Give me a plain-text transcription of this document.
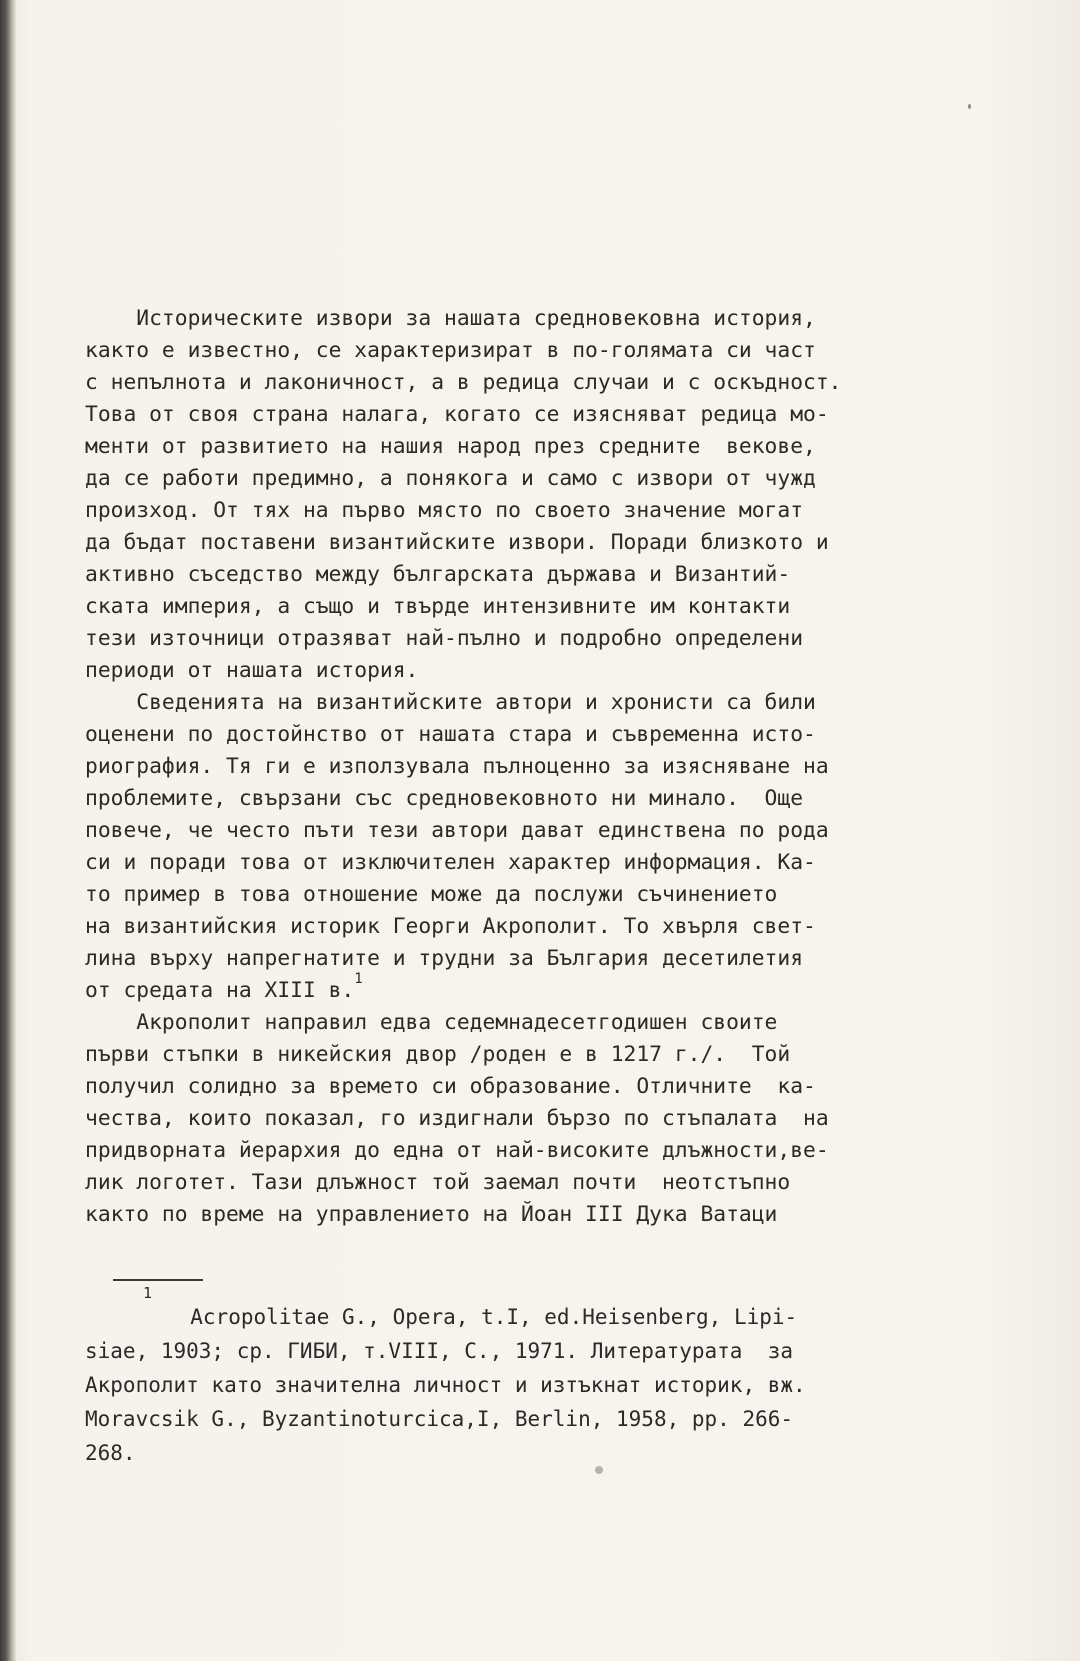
Историческите извори за нашата средновековна история,
както е известно, се характеризират в по-голямата си част
с непълнота и лаконичност, а в редица случаи и с оскъдност.
Това от своя страна налага, когато се изясняват редица мо-
менти от развитието на нашия народ през средните  векове,
да се работи предимно, а понякога и само с извори от чужд
произход. От тях на първо място по своето значение могат
да бъдат поставени византийските извори. Поради близкото и
активно съседство между българската държава и Византий-
ската империя, а също и твърде интензивните им контакти
тези източници отразяват най-пълно и подробно определени
периоди от нашата история.
Сведенията на византийските автори и хронисти са били
оценени по достойнство от нашата стара и съвременна исто-
риография. Тя ги е използувала пълноценно за изясняване на
проблемите, свързани със средновековното ни минало.  Още
повече, че често пъти тези автори дават единствена по рода
си и поради това от изключителен характер информация. Ка-
то пример в това отношение може да послужи съчинението
на византийския историк Георги Акрополит. То хвърля свет-
лина върху напрегнатите и трудни за България десетилетия
от средата на XIII в.$^1$
Акрополит направил едва седемнадесетгодишен своите
първи стъпки в никейския двор /роден е в 1217 г./.  Той
получил солидно за времето си образование. Отличните  ка-
чества, които показал, го издигнали бързо по стъпалата  на
придворната йерархия до една от най-високите длъжности,ве-
лик логотет. Тази длъжност той заемал почти  неотстъпно
както по време на управлението на Йоан III Дука Ватаци
1
Acropolitae G., Opera, t.I, ed.Heisenberg, Lipi-
siae, 1903; ср. ГИБИ, т.VIII, С., 1971. Литературата  за
Акрополит като значителна личност и изтъкнат историк, вж.
Moravcsik G., Byzantinoturcica,I, Berlin, 1958, pp. 266-
268.
